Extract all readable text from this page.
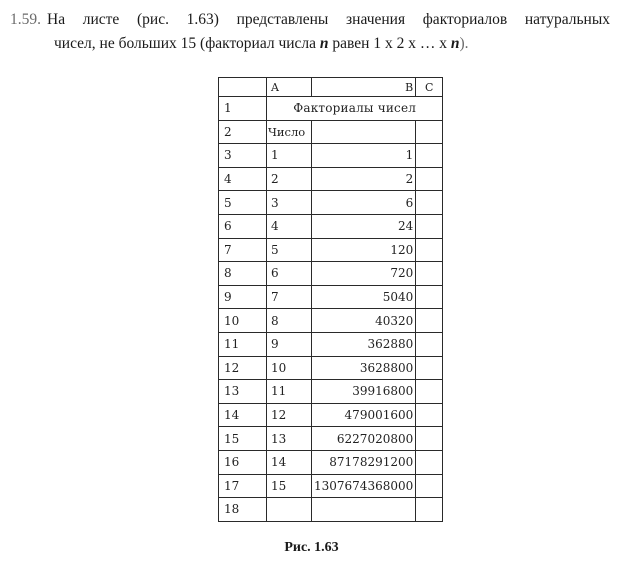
1.59. На листе (рис. 1.63) представлены значения факториалов натуральных
чисел, не больших 15 (факториал числа n равен 1 х 2 х … х n).
	A	B	C
1	Факториалы чисел		
2	Число		
3	1	1	
4	2	2	
5	3	6	
6	4	24	
7	5	120	
8	6	720	
9	7	5040	
10	8	40320	
11	9	362880	
12	10	3628800	
13	11	39916800	
14	12	479001600	
15	13	6227020800	
16	14	87178291200	
17	15	1307674368000	
18			
Рис. 1.63
